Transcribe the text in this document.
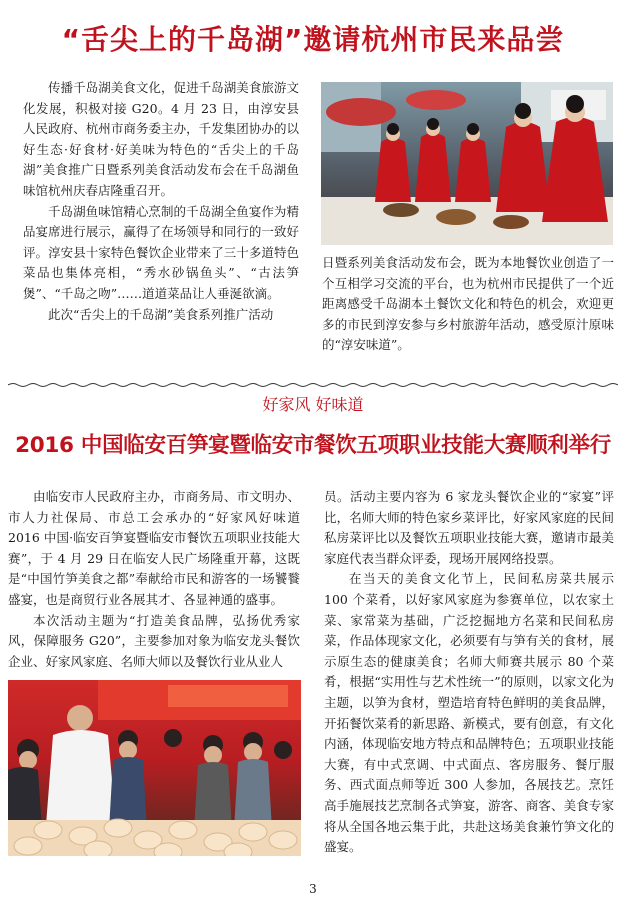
“舌尖上的千岛湖”邀请杭州市民来品尝

传播千岛湖美食文化，促进千岛湖美食旅游文化发展，积极对接 G20。4 月 23 日，由淳安县人民政府、杭州市商务委主办，千发集团协办的以好生态·好食材·好美味为特色的“舌尖上的千岛湖”美食推广日暨系列美食活动发布会在千岛湖鱼味馆杭州庆春店隆重召开。

千岛湖鱼味馆精心烹制的千岛湖全鱼宴作为精品宴席进行展示，赢得了在场领导和同行的一致好评。淳安县十家特色餐饮企业带来了三十多道特色菜品也集体亮相，“秀水砂锅鱼头”、“古法笋煲”、“千岛之吻”……道道菜品让人垂涎欲滴。

此次“舌尖上的千岛湖”美食系列推广活动

日暨系列美食活动发布会，既为本地餐饮业创造了一个互相学习交流的平台，也为杭州市民提供了一个近距离感受千岛湖本土餐饮文化和特色的机会，欢迎更多的市民到淳安参与乡村旅游年活动，感受原汁原味的“淳安味道”。

好家风 好味道
2016 中国临安百笋宴暨临安市餐饮五项职业技能大赛顺利举行

由临安市人民政府主办，市商务局、市文明办、市人力社保局、市总工会承办的“好家风好味道 2016 中国·临安百笋宴暨临安市餐饮五项职业技能大赛”，于 4 月 29 日在临安人民广场隆重开幕，这既是“中国竹笋美食之都”奉献给市民和游客的一场饕餮盛宴，也是商贸行业各展其才、各显神通的盛事。

本次活动主题为“打造美食品牌，弘扬优秀家风，保障服务 G20”，主要参加对象为临安龙头餐饮企业、好家风家庭、名师大师以及餐饮行业从业人

员。活动主要内容为 6 家龙头餐饮企业的“家宴”评比，名师大师的特色家乡菜评比，好家风家庭的民间私房菜评比以及餐饮五项职业技能大赛，邀请市最美家庭代表当群众评委，现场开展网络投票。

在当天的美食文化节上，民间私房菜共展示 100 个菜肴，以好家风家庭为参赛单位，以农家土菜、家常菜为基础，广泛挖掘地方名菜和民间私房菜，作品体现家文化，必须要有与笋有关的食材，展示原生态的健康美食；名师大师赛共展示 80 个菜肴，根据“实用性与艺术性统一”的原则，以家文化为主题，以笋为食材，塑造培育特色鲜明的美食品牌，开拓餐饮菜肴的新思路、新模式，要有创意，有文化内涵，体现临安地方特点和品牌特色；五项职业技能大赛，有中式烹调、中式面点、客房服务、餐厅服务、西式面点师等近 300 人参加，各展技艺。烹饪高手施展技艺烹制各式笋宴，游客、商客、美食专家将从全国各地云集于此，共赴这场美食兼竹笋文化的盛宴。

3
